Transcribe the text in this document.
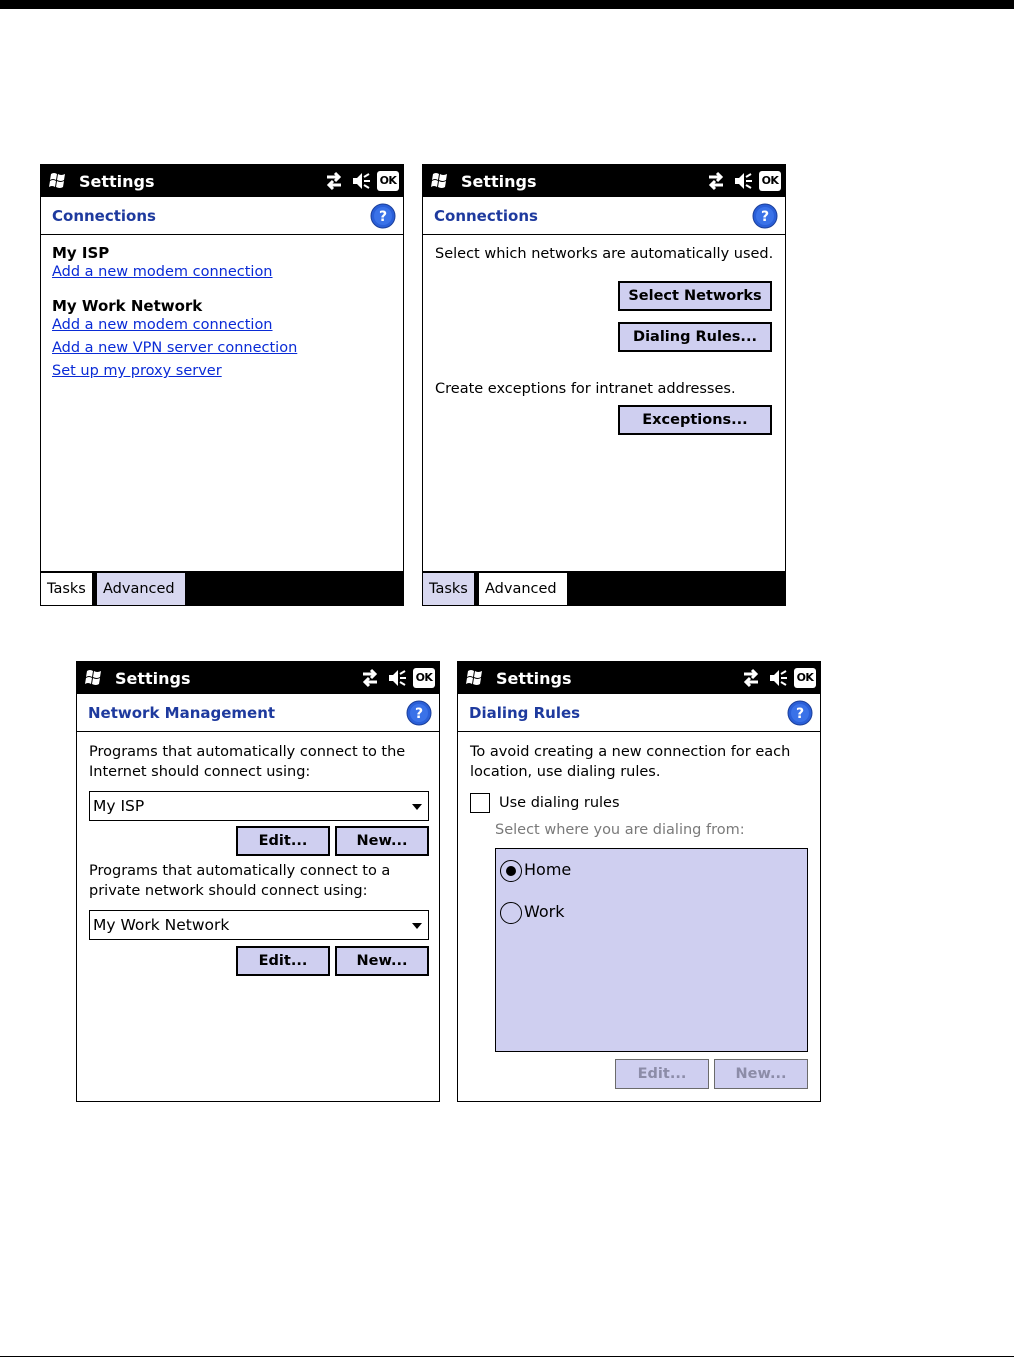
Settings	OK
Connections	?
My ISP
Add a new modem connection
My Work Network
Add a new modem connection
Add a new VPN server connection
Set up my proxy server
Tasks	Advanced
Settings	OK
Connections	?
Select which networks are automatically used.
Select Networks
Dialing Rules...
Create exceptions for intranet addresses.
Exceptions...
Tasks	Advanced
Settings	OK
Network Management	?
Programs that automatically connect to the
Internet should connect using:
My ISP
Edit...	New...
Programs that automatically connect to a
private network should connect using:
My Work Network
Edit...	New...
Settings	OK
Dialing Rules	?
To avoid creating a new connection for each
location, use dialing rules.
Use dialing rules
Select where you are dialing from:
Home
Work
Edit...	New...
